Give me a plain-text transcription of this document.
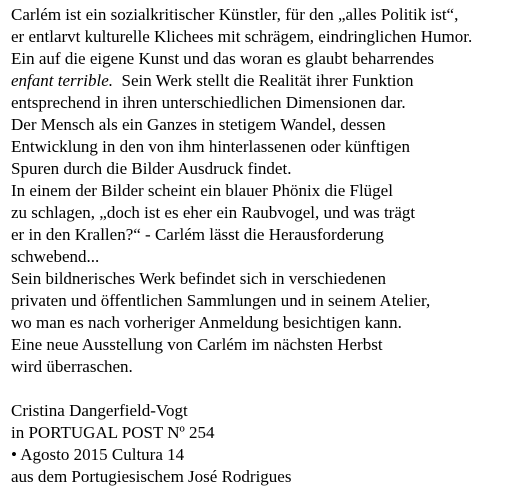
Carlém ist ein sozialkritischer Künstler, für den „alles Politik ist“,
er entlarvt kulturelle Klichees mit schrägem, eindringlichen Humor.
Ein auf die eigene Kunst und das woran es glaubt beharrendes
enfant terrible.  Sein Werk stellt die Realität ihrer Funktion
entsprechend in ihren unterschiedlichen Dimensionen dar.
Der Mensch als ein Ganzes in stetigem Wandel, dessen
Entwicklung in den von ihm hinterlassenen oder künftigen
Spuren durch die Bilder Ausdruck findet.
In einem der Bilder scheint ein blauer Phönix die Flügel
zu schlagen, „doch ist es eher ein Raubvogel, und was trägt
er in den Krallen?“ - Carlém lässt die Herausforderung
schwebend...
Sein bildnerisches Werk befindet sich in verschiedenen
privaten und öffentlichen Sammlungen und in seinem Atelier,
wo man es nach vorheriger Anmeldung besichtigen kann.
Eine neue Ausstellung von Carlém im nächsten Herbst
wird überraschen.
Cristina Dangerfield-Vogt
in PORTUGAL POST Nº 254
• Agosto 2015 Cultura 14
aus dem Portugiesischem José Rodrigues
